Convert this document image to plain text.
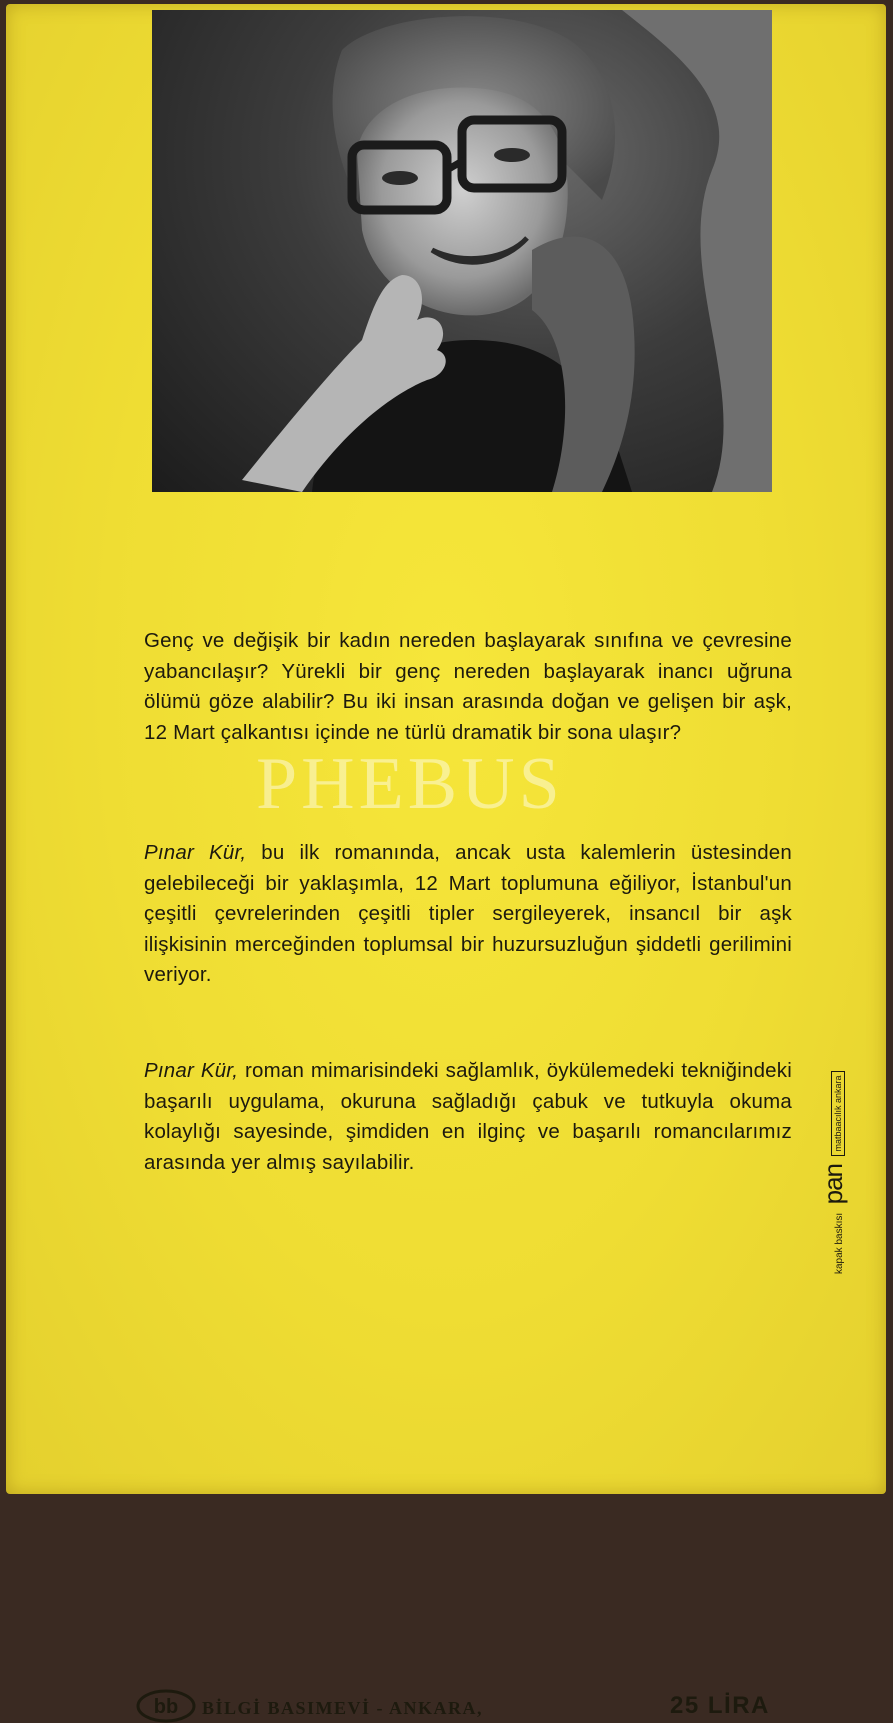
Genç ve değişik bir kadın nereden başlayarak sınıfına ve çevresine yabancılaşır? Yürekli bir genç nereden başlayarak inancı uğruna ölümü göze alabilir? Bu iki insan arasında doğan ve gelişen bir aşk, 12 Mart çalkantısı içinde ne türlü dramatik bir sona ulaşır?
Pınar Kür, bu ilk romanında, ancak usta kalemlerin üstesinden gelebileceği bir yaklaşımla, 12 Mart toplumuna eğiliyor, İstanbul'un çeşitli çevrelerinden çeşitli tipler sergileyerek, insancıl bir aşk ilişkisinin merceğinden toplumsal bir huzursuzluğun şiddetli gerilimini veriyor.
Pınar Kür, roman mimarisindeki sağlamlık, öykülemedeki tekniğindeki başarılı uygulama, okuruna sağladığı çabuk ve tutkuyla okuma kolaylığı sayesinde, şimdiden en ilginç ve başarılı romancılarımız arasında yer almış sayılabilir.
PHEBUS
kapak baskısı pan matbaacılık ankara
bb BİLGİ BASIMEVİ - ANKARA,	25 LİRA
